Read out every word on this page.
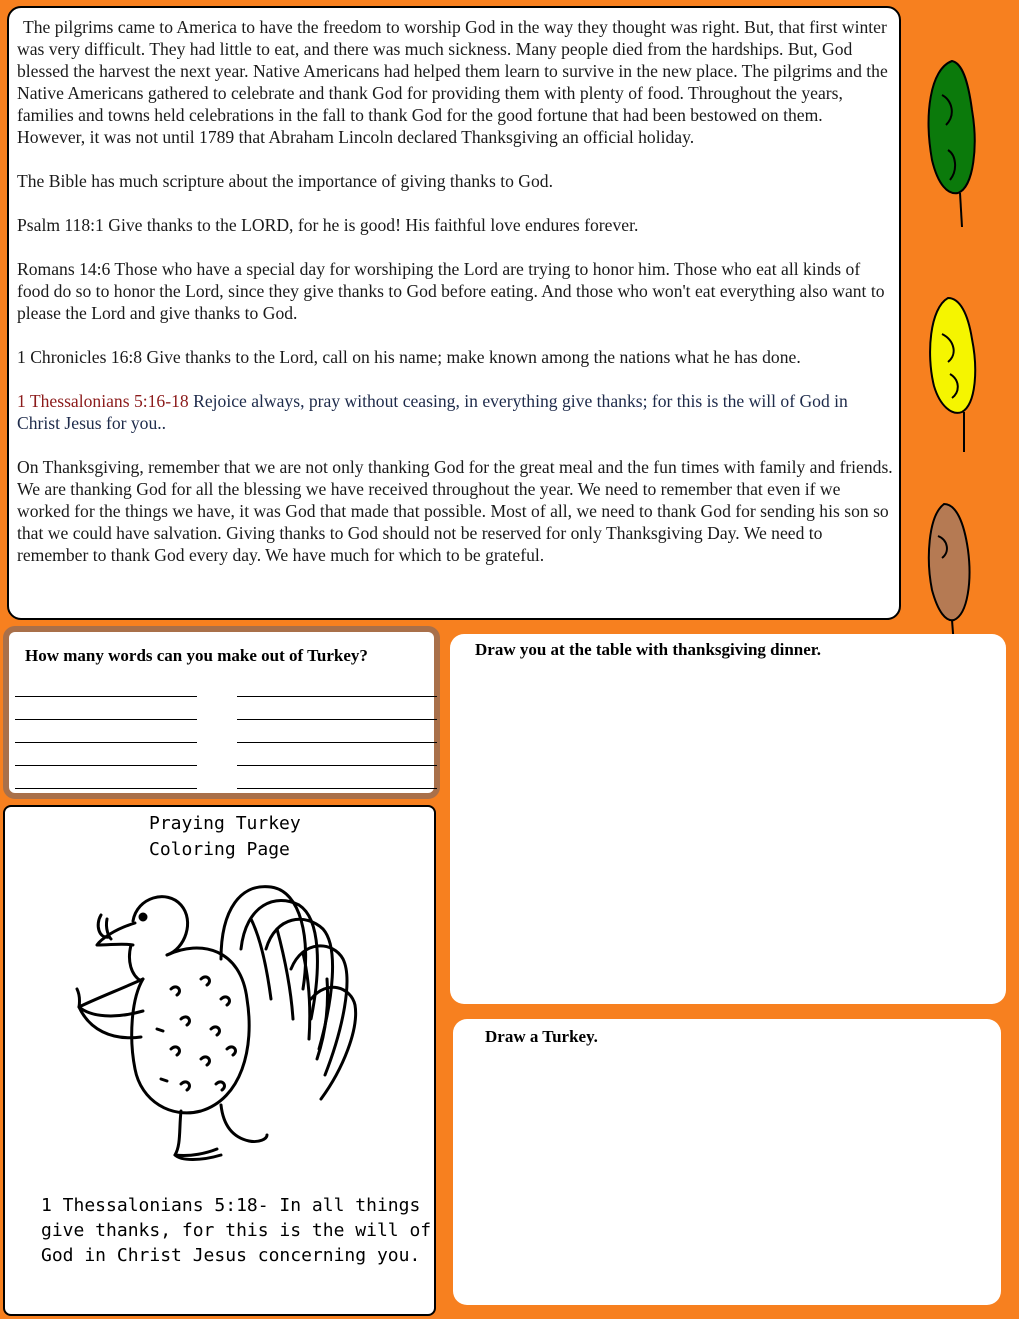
The pilgrims came to America to have the freedom to worship God in the way they thought was right. But, that first winter was very difficult. They had little to eat, and there was much sickness. Many people died from the hardships. But, God blessed the harvest the next year. Native Americans had helped them learn to survive in the new place. The pilgrims and the Native Americans gathered to celebrate and thank God for providing them with plenty of food. Throughout the years, families and towns held celebrations in the fall to thank God for the good fortune that had been bestowed on them. However, it was not until 1789 that Abraham Lincoln declared Thanksgiving an official holiday.

The Bible has much scripture about the importance of giving thanks to God.

Psalm 118:1 Give thanks to the LORD, for he is good! His faithful love endures forever.

Romans 14:6 Those who have a special day for worshiping the Lord are trying to honor him. Those who eat all kinds of food do so to honor the Lord, since they give thanks to God before eating. And those who won't eat everything also want to please the Lord and give thanks to God.

1 Chronicles 16:8 Give thanks to the Lord, call on his name; make known among the nations what he has done.

1 Thessalonians 5:16-18 Rejoice always, pray without ceasing, in everything give thanks; for this is the will of God in Christ Jesus for you..

On Thanksgiving, remember that we are not only thanking God for the great meal and the fun times with family and friends. We are thanking God for all the blessing we have received throughout the year. We need to remember that even if we worked for the things we have, it was God that made that possible. Most of all, we need to thank God for sending his son so that we could have salvation. Giving thanks to God should not be reserved for only Thanksgiving Day. We need to remember to thank God every day. We have much for which to be grateful.

How many words can you make out of Turkey?
Praying Turkey
Coloring Page
1 Thessalonians 5:18- In all things
give thanks, for this is the will of
God in Christ Jesus concerning you.
Draw you at the table with thanksgiving dinner.
Draw a Turkey.
